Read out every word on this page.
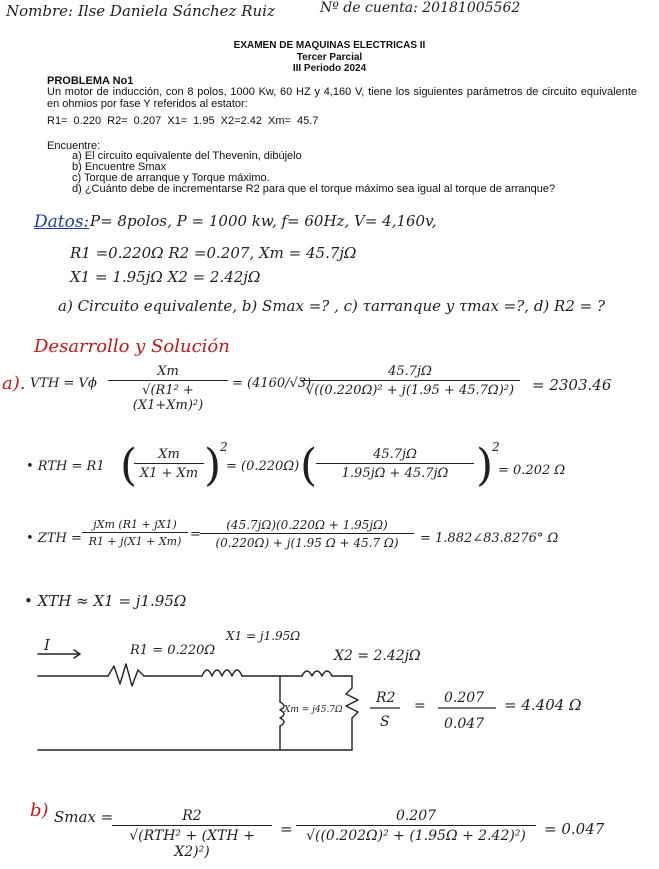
Nombre: Ilse Daniela Sánchez Ruiz	Nº de cuenta: 20181005562
EXAMEN DE MAQUINAS ELECTRICAS II
Tercer Parcial
III Periodo 2024
PROBLEMA No1
Un motor de inducción, con 8 polos, 1000 Kw, 60 HZ y 4,160 V, tiene los siguientes parámetros de circuito equivalente en ohmios por fase Y referidos al estator:
R1= 0.220 R2= 0.207 X1= 1.95 X2=2.42 Xm= 45.7
Encuentre:
a) El circuito equivalente del Thevenin, dibújelo
b) Encuentre Smax
c) Torque de arranque y Torque máximo.
d) ¿Cuánto debe de incrementarse R2 para que el torque máximo sea igual al torque de arranque?
Datos: P= 8polos, P = 1000 kw, f= 60Hz, V= 4,160v,
R1 =0.220Ω R2 =0.207, Xm = 45.7jΩ
X1 = 1.95jΩ X2 = 2.42jΩ
a) Circuito equivalente, b) Smax =? , c) τarranque y τmax =?, d) R2 = ?
Desarrollo y Solución
a). VTH = Vϕ $\frac{Xm}{\text{√(R1² + (X1+Xm)²)}} = (4160/√3)$
$\frac{45.7j\Omega}{\text{√((0.220Ω)² + j(1.95 + 45.7Ω)²)}} = 2303.46$
• RTH = R1 (
$\frac{Xm}{X1 + Xm}$ )
2
= (0.220Ω) (
$\frac{45.7j\Omega}{1.95j\Omega + 45.7j\Omega}$ )
2
= 0.202 Ω
• ZTH =
jXm (R1 + jX1)
$R1 + j(X1 + Xm) = \frac{(45.7j\Omega)(0.220\Omega + 1.95j\Omega)}{(0.220\Omega) + j(1.95 \Omega + 45.7 \Omega)}$ = 1.882∠83.8276° Ω
• XTH ≈ X1 = j1.95Ω
I	R1 = 0.220Ω
X1 = j1.95Ω
X2 = 2.42jΩ
Xm = j45.7Ω
R2
S
= 0.207
0.047
= 4.404 Ω
b) Smax =	R2
√(RTH² + (XTH + X2)²)
= $\frac{0.207}{\text{√((0.202Ω)² + (1.95Ω + 2.42)²)}} = 0.047$
